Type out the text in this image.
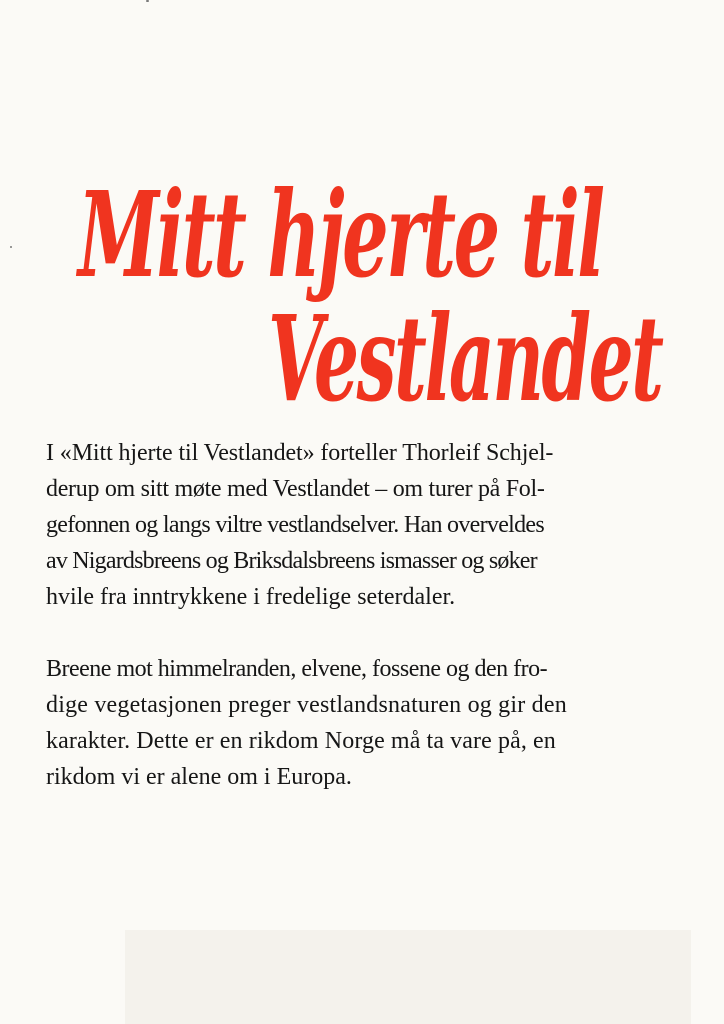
Mitt hjerte til
Vestlandet

I «Mitt hjerte til Vestlandet» forteller Thorleif Schjel-
derup om sitt møte med Vestlandet – om turer på Fol-
gefonnen og langs viltre vestlandselver. Han overveldes
av Nigardsbreens og Briksdalsbreens ismasser og søker
hvile fra inntrykkene i fredelige seterdaler.

Breene mot himmelranden, elvene, fossene og den fro-
dige vegetasjonen preger vestlandsnaturen og gir den
karakter. Dette er en rikdom Norge må ta vare på, en
rikdom vi er alene om i Europa.
